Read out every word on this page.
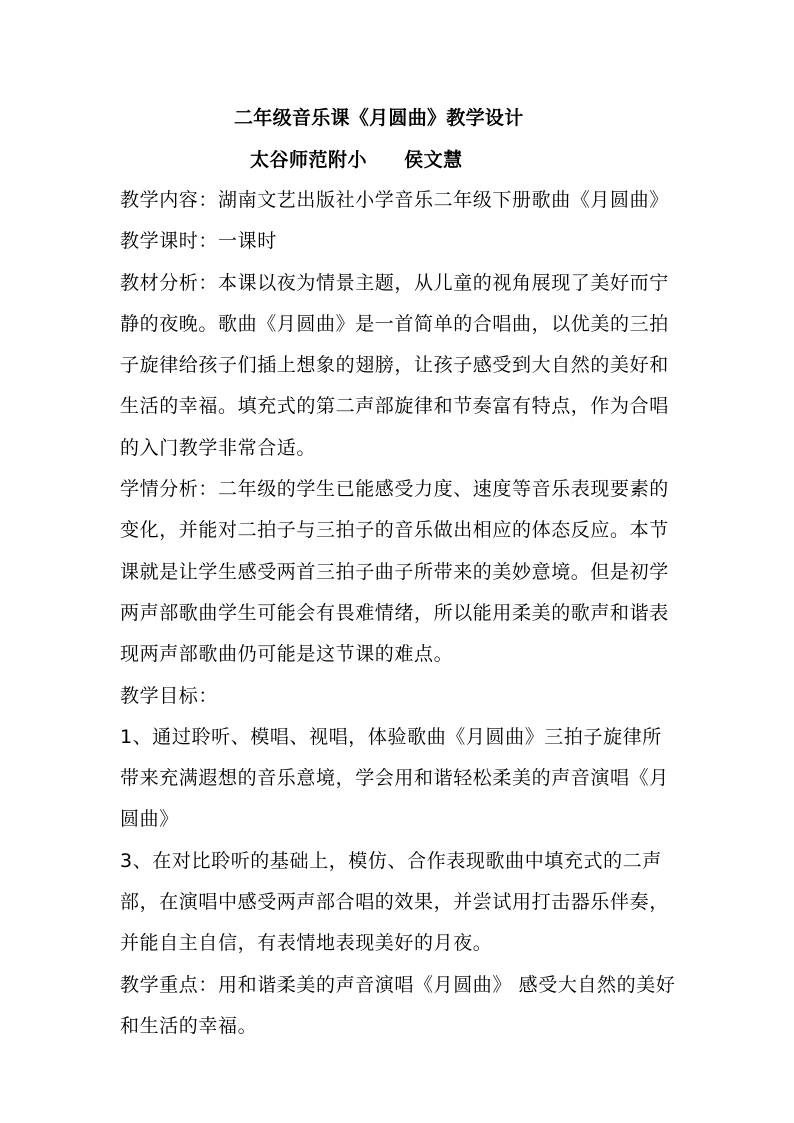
二年级音乐课《月圆曲》教学设计
太谷师范附小 侯文慧

教学内容：湖南文艺出版社小学音乐二年级下册歌曲《月圆曲》

教学课时：一课时

教材分析：本课以夜为情景主题，从儿童的视角展现了美好而宁静的夜晚。歌曲《月圆曲》是一首简单的合唱曲，以优美的三拍子旋律给孩子们插上想象的翅膀，让孩子感受到大自然的美好和生活的幸福。填充式的第二声部旋律和节奏富有特点，作为合唱的入门教学非常合适。

学情分析：二年级的学生已能感受力度、速度等音乐表现要素的变化，并能对二拍子与三拍子的音乐做出相应的体态反应。本节课就是让学生感受两首三拍子曲子所带来的美妙意境。但是初学两声部歌曲学生可能会有畏难情绪，所以能用柔美的歌声和谐表现两声部歌曲仍可能是这节课的难点。

教学目标：

1、通过聆听、模唱、视唱，体验歌曲《月圆曲》三拍子旋律所带来充满遐想的音乐意境，学会用和谐轻松柔美的声音演唱《月圆曲》

3、在对比聆听的基础上，模仿、合作表现歌曲中填充式的二声部，在演唱中感受两声部合唱的效果，并尝试用打击器乐伴奏，并能自主自信，有表情地表现美好的月夜。

教学重点：用和谐柔美的声音演唱《月圆曲》 感受大自然的美好和生活的幸福。
